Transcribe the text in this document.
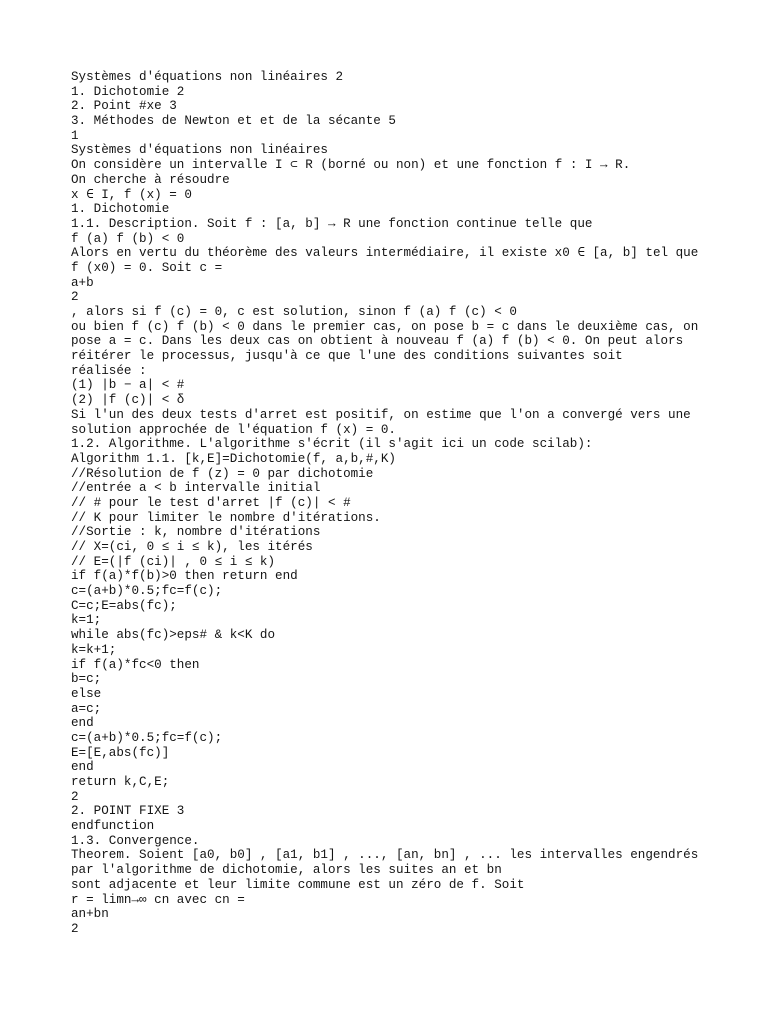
Systèmes d'équations non linéaires 2
1. Dichotomie 2
2. Point #xe 3
3. Méthodes de Newton et et de la sécante 5
1
Systèmes d'équations non linéaires
On considère un intervalle I ⊂ R (borné ou non) et une fonction f : I → R.
On cherche à résoudre
x ∈ I, f (x) = 0
1. Dichotomie
1.1. Description. Soit f : [a, b] → R une fonction continue telle que
f (a) f (b) < 0
Alors en vertu du théorème des valeurs intermédiaire, il existe x0 ∈ [a, b] tel que
f (x0) = 0. Soit c =
a+b
2
, alors si f (c) = 0, c est solution, sinon f (a) f (c) < 0
ou bien f (c) f (b) < 0 dans le premier cas, on pose b = c dans le deuxième cas, on
pose a = c. Dans les deux cas on obtient à nouveau f (a) f (b) < 0. On peut alors
réitérer le processus, jusqu'à ce que l'une des conditions suivantes soit
réalisée :
(1) |b − a| < #
(2) |f (c)| < δ
Si l'un des deux tests d'arret est positif, on estime que l'on a convergé vers une
solution approchée de l'équation f (x) = 0.
1.2. Algorithme. L'algorithme s'écrit (il s'agit ici un code scilab):
Algorithm 1.1. [k,E]=Dichotomie(f, a,b,#,K)
//Résolution de f (z) = 0 par dichotomie
//entrée a < b intervalle initial
// # pour le test d'arret |f (c)| < #
// K pour limiter le nombre d'itérations.
//Sortie : k, nombre d'itérations
// X=(ci, 0 ≤ i ≤ k), les itérés
// E=(|f (ci)| , 0 ≤ i ≤ k)
if f(a)*f(b)>0 then return end
c=(a+b)*0.5;fc=f(c);
C=c;E=abs(fc);
k=1;
while abs(fc)>eps# & k<K do
k=k+1;
if f(a)*fc<0 then
b=c;
else
a=c;
end
c=(a+b)*0.5;fc=f(c);
E=[E,abs(fc)]
end
return k,C,E;
2
2. POINT FIXE 3
endfunction
1.3. Convergence.
Theorem. Soient [a0, b0] , [a1, b1] , ..., [an, bn] , ... les intervalles engendrés
par l'algorithme de dichotomie, alors les suites an et bn
sont adjacente et leur limite commune est un zéro de f. Soit
r = limn→∞ cn avec cn =
an+bn
2
